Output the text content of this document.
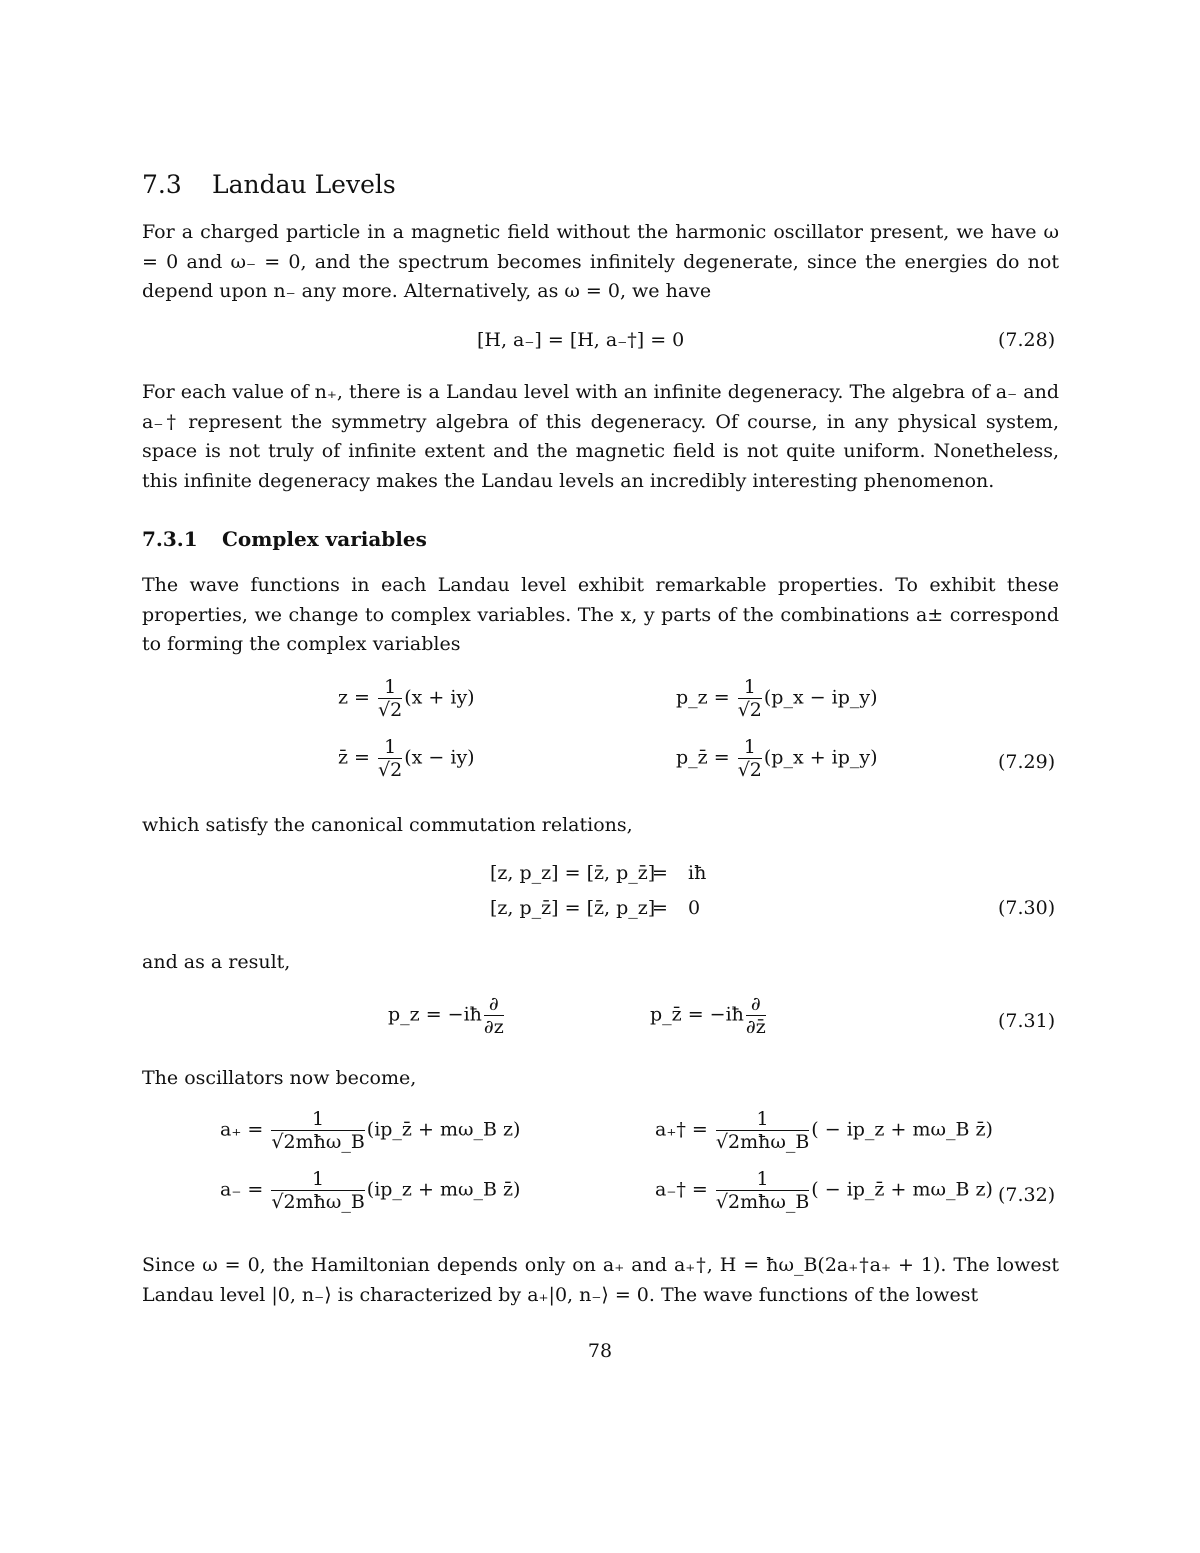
7.3 Landau Levels
For a charged particle in a magnetic field without the harmonic oscillator present, we have ω = 0 and ω₋ = 0, and the spectrum becomes infinitely degenerate, since the energies do not depend upon n₋ any more. Alternatively, as ω = 0, we have
[H, a₋] = [H, a₋†] = 0	(7.28)
For each value of n₊, there is a Landau level with an infinite degeneracy. The algebra of a₋ and a₋† represent the symmetry algebra of this degeneracy. Of course, in any physical system, space is not truly of infinite extent and the magnetic field is not quite uniform. Nonetheless, this infinite degeneracy makes the Landau levels an incredibly interesting phenomenon.
7.3.1 Complex variables
The wave functions in each Landau level exhibit remarkable properties. To exhibit these properties, we change to complex variables. The x, y parts of the combinations a± correspond to forming the complex variables
$z = \frac{1}{√2} (x + iy)$	p_z = $\frac{1}{√2}$ (p_x − ip_y)
z̄ = $\frac{1}{√2} (x - iy)$	p_z̄ = $\frac{1}{√2}$ (p_x + ip_y)	(7.29)
which satisfy the canonical commutation relations,
[z, p_z] = [z̄, p_z̄]
= iħ
[z, p_z̄] = [z̄, p_z]
= 0	(7.30)
and as a result,
p_z = −iħ $\frac{\partial}{\partial z}$	p_z̄ = −iħ $\frac{\partial}{\partial z̄}$	(7.31)
The oscillators now become,
$a_+ = \frac{1}{\text{√2mħω\_B}}$ (ip_z̄ + mω_B z)	a₊† = $\frac{1}{\text{√2mħω\_B}}$ ( − ip_z + mω_B z̄)
$a_- = \frac{1}{\text{√2mħω\_B}}$ (ip_z + mω_B z̄)	a₋† = $\frac{1}{\text{√2mħω\_B}}$ ( − ip_z̄ + mω_B z) (7.32)
Since ω = 0, the Hamiltonian depends only on a₊ and a₊†, H = ħω_B(2a₊†a₊ + 1). The lowest Landau level |0, n₋⟩ is characterized by a₊|0, n₋⟩ = 0. The wave functions of the lowest
78
